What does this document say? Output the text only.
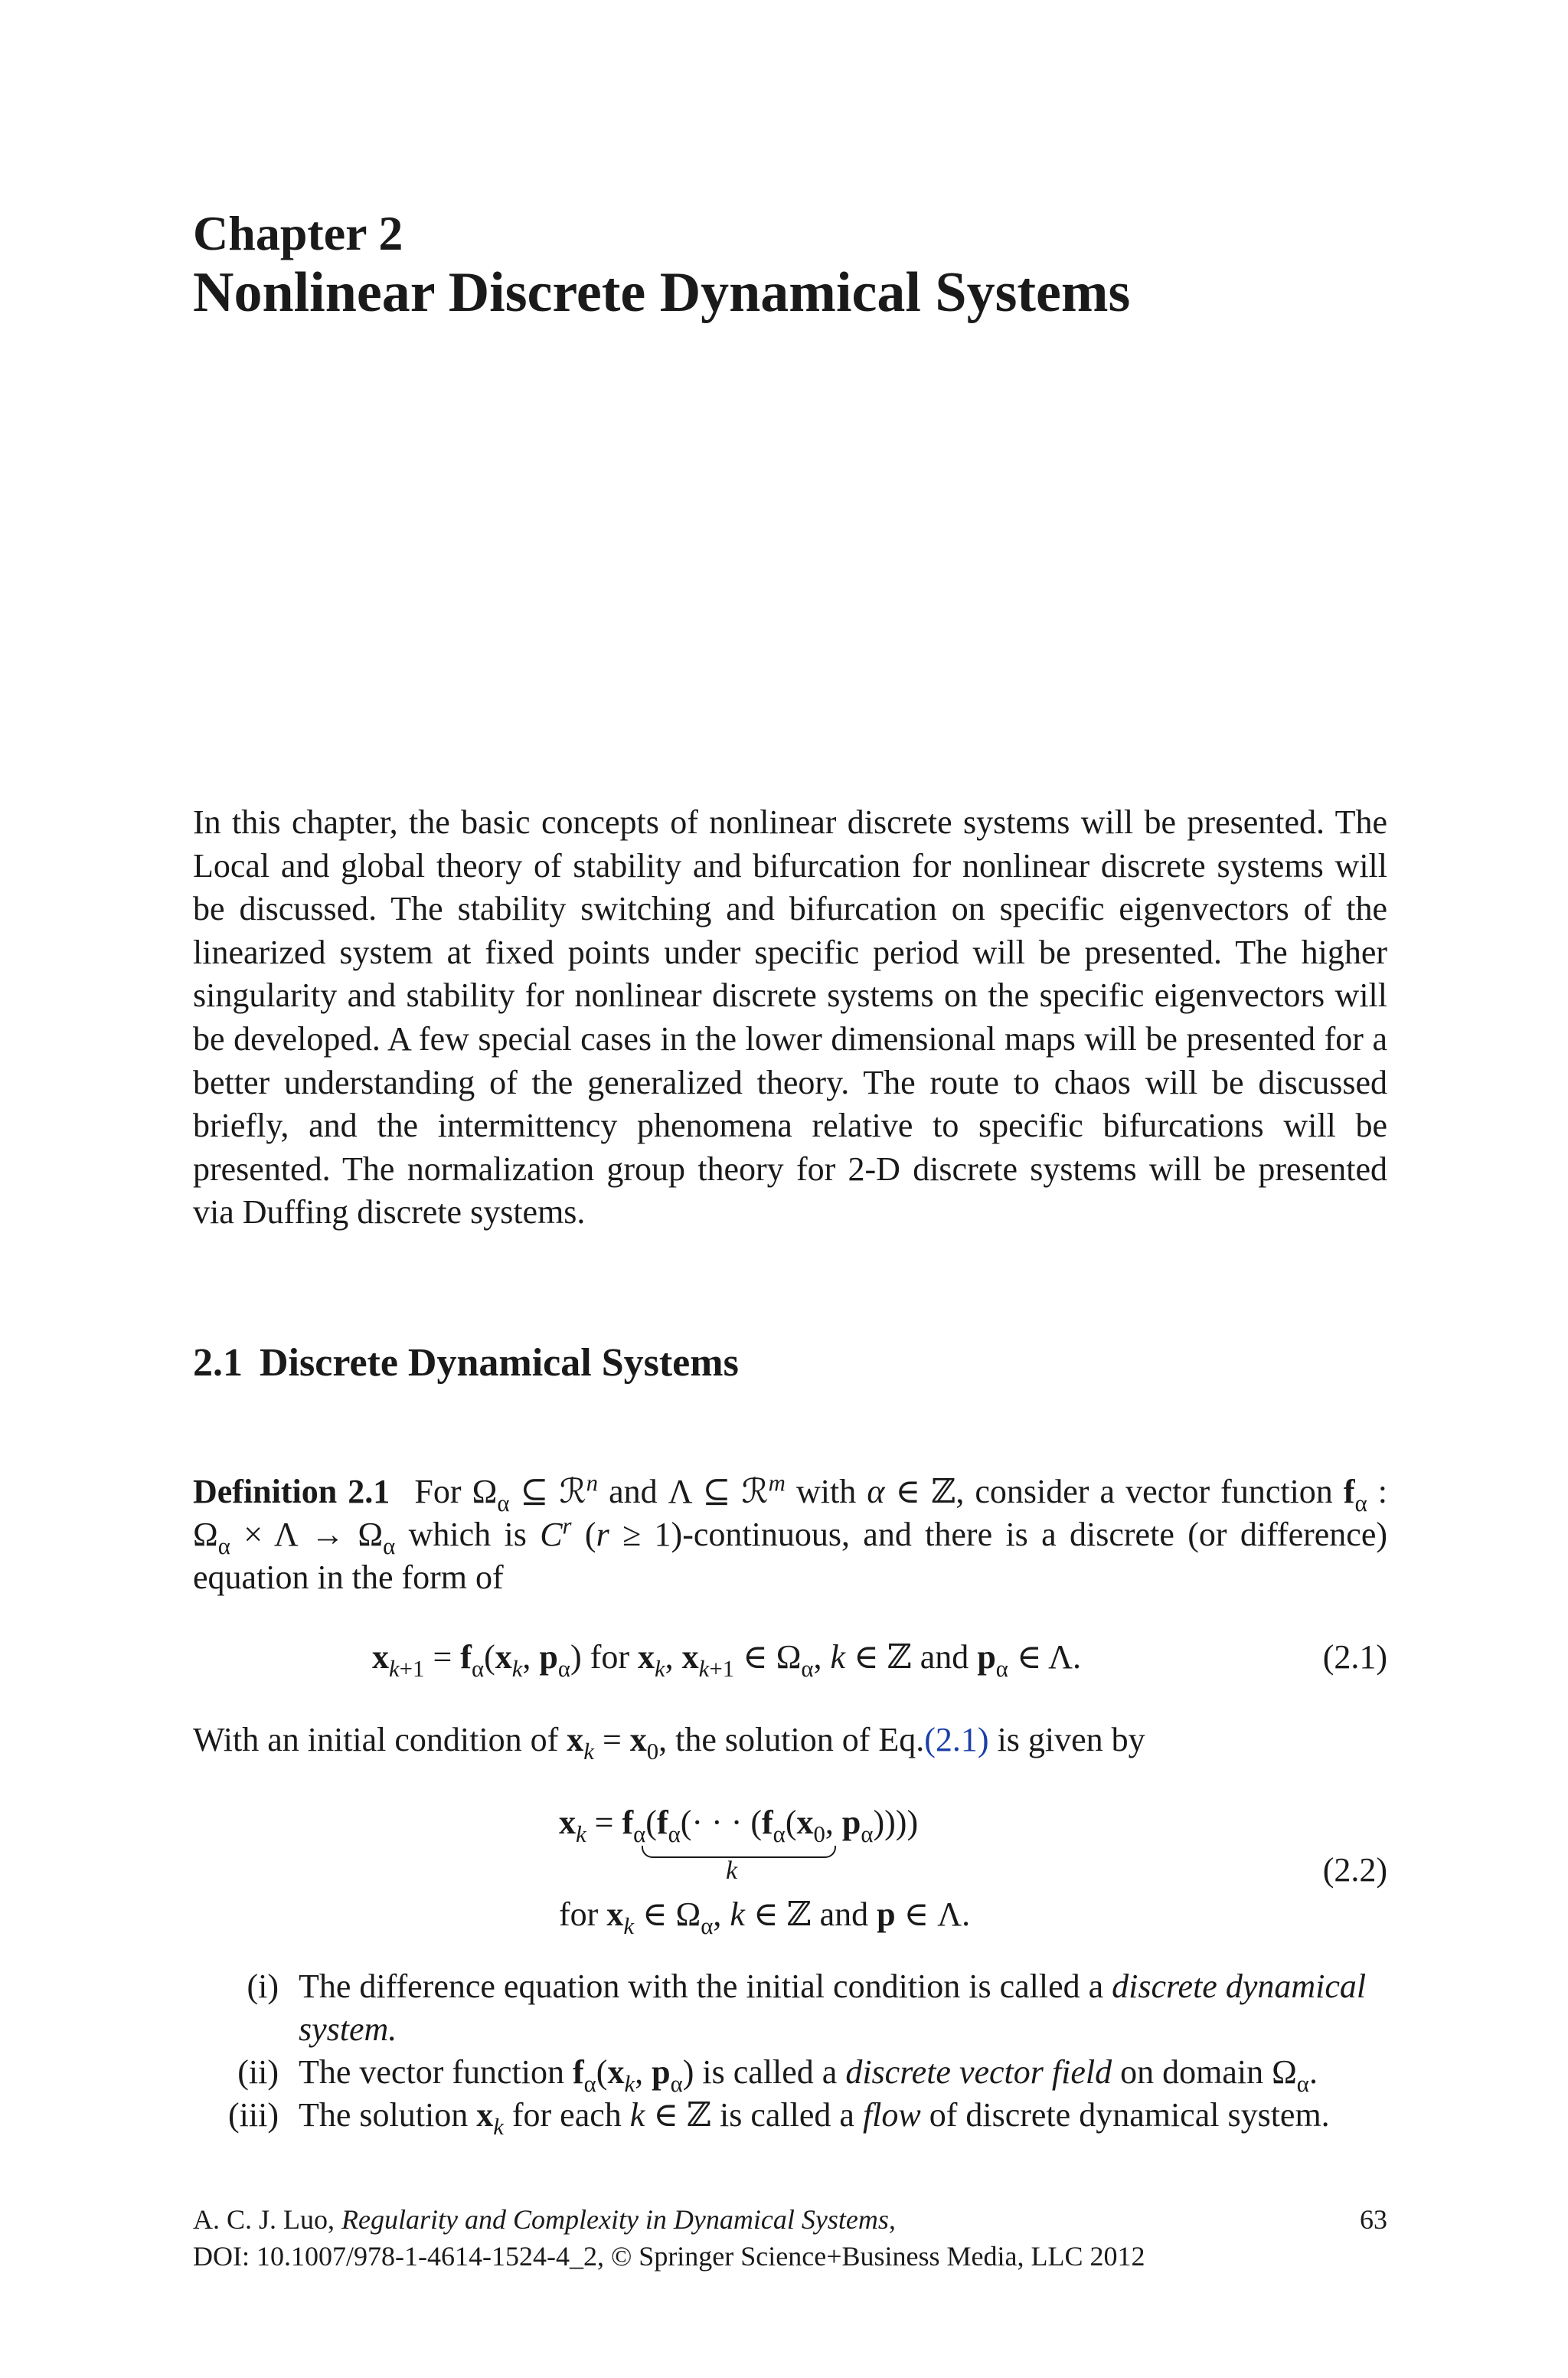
Chapter 2
Nonlinear Discrete Dynamical Systems

In this chapter, the basic concepts of nonlinear discrete systems will be presented. The Local and global theory of stability and bifurcation for nonlinear discrete systems will be discussed. The stability switching and bifurcation on specific eigenvectors of the linearized system at fixed points under specific period will be presented. The higher singularity and stability for nonlinear discrete systems on the specific eigenvectors will be developed. A few special cases in the lower dimensional maps will be presented for a better understanding of the generalized theory. The route to chaos will be discussed briefly, and the intermittency phenomena relative to specific bifurcations will be presented. The normalization group theory for 2-D discrete systems will be presented via Duffing discrete systems.

2.1 Discrete Dynamical Systems
Definition 2.1 For $\Omega_\alpha$ ⊆ ℛ$^n$ and Λ ⊆ ℛ$^m$ with α ∈ ℤ, consider a vector function $f_\alpha$ : $\Omega_\alpha \times \Lambda \to \Omega_\alpha$ which is $C^r$ (r ≥ 1)-continuous, and there is a discrete (or difference) equation in the form of
$x_{k+1} = f_\alpha(x_k$, $p_\alpha$) for $x_k$, $x_{k+1}$ ∈ $\Omega_\alpha$, k ∈ ℤ and $p_\alpha$ ∈ Λ.	(2.1)
With an initial condition of $x_k = x_0$, the solution of Eq.(2.1) is given by
$x_k = f_\alpha(f_\alpha(\cdot$ · · ($f_\alpha(x_0$, $p_\alpha$))))
k
for $x_k$ ∈ $\Omega_\alpha$, k ∈ ℤ and p ∈ Λ.
(2.2)
(i) The difference equation with the initial condition is called a discrete dynamical system.
(ii) The vector function $f_\alpha(x_k$, $p_\alpha$) is called a discrete vector field on domain $\Omega_\alpha$.
(iii) The solution $x_k$ for each k ∈ ℤ is called a flow of discrete dynamical system.
A. C. J. Luo, Regularity and Complexity in Dynamical Systems,
DOI: 10.1007/978-1-4614-1524-4_2, © Springer Science+Business Media, LLC 2012
63
